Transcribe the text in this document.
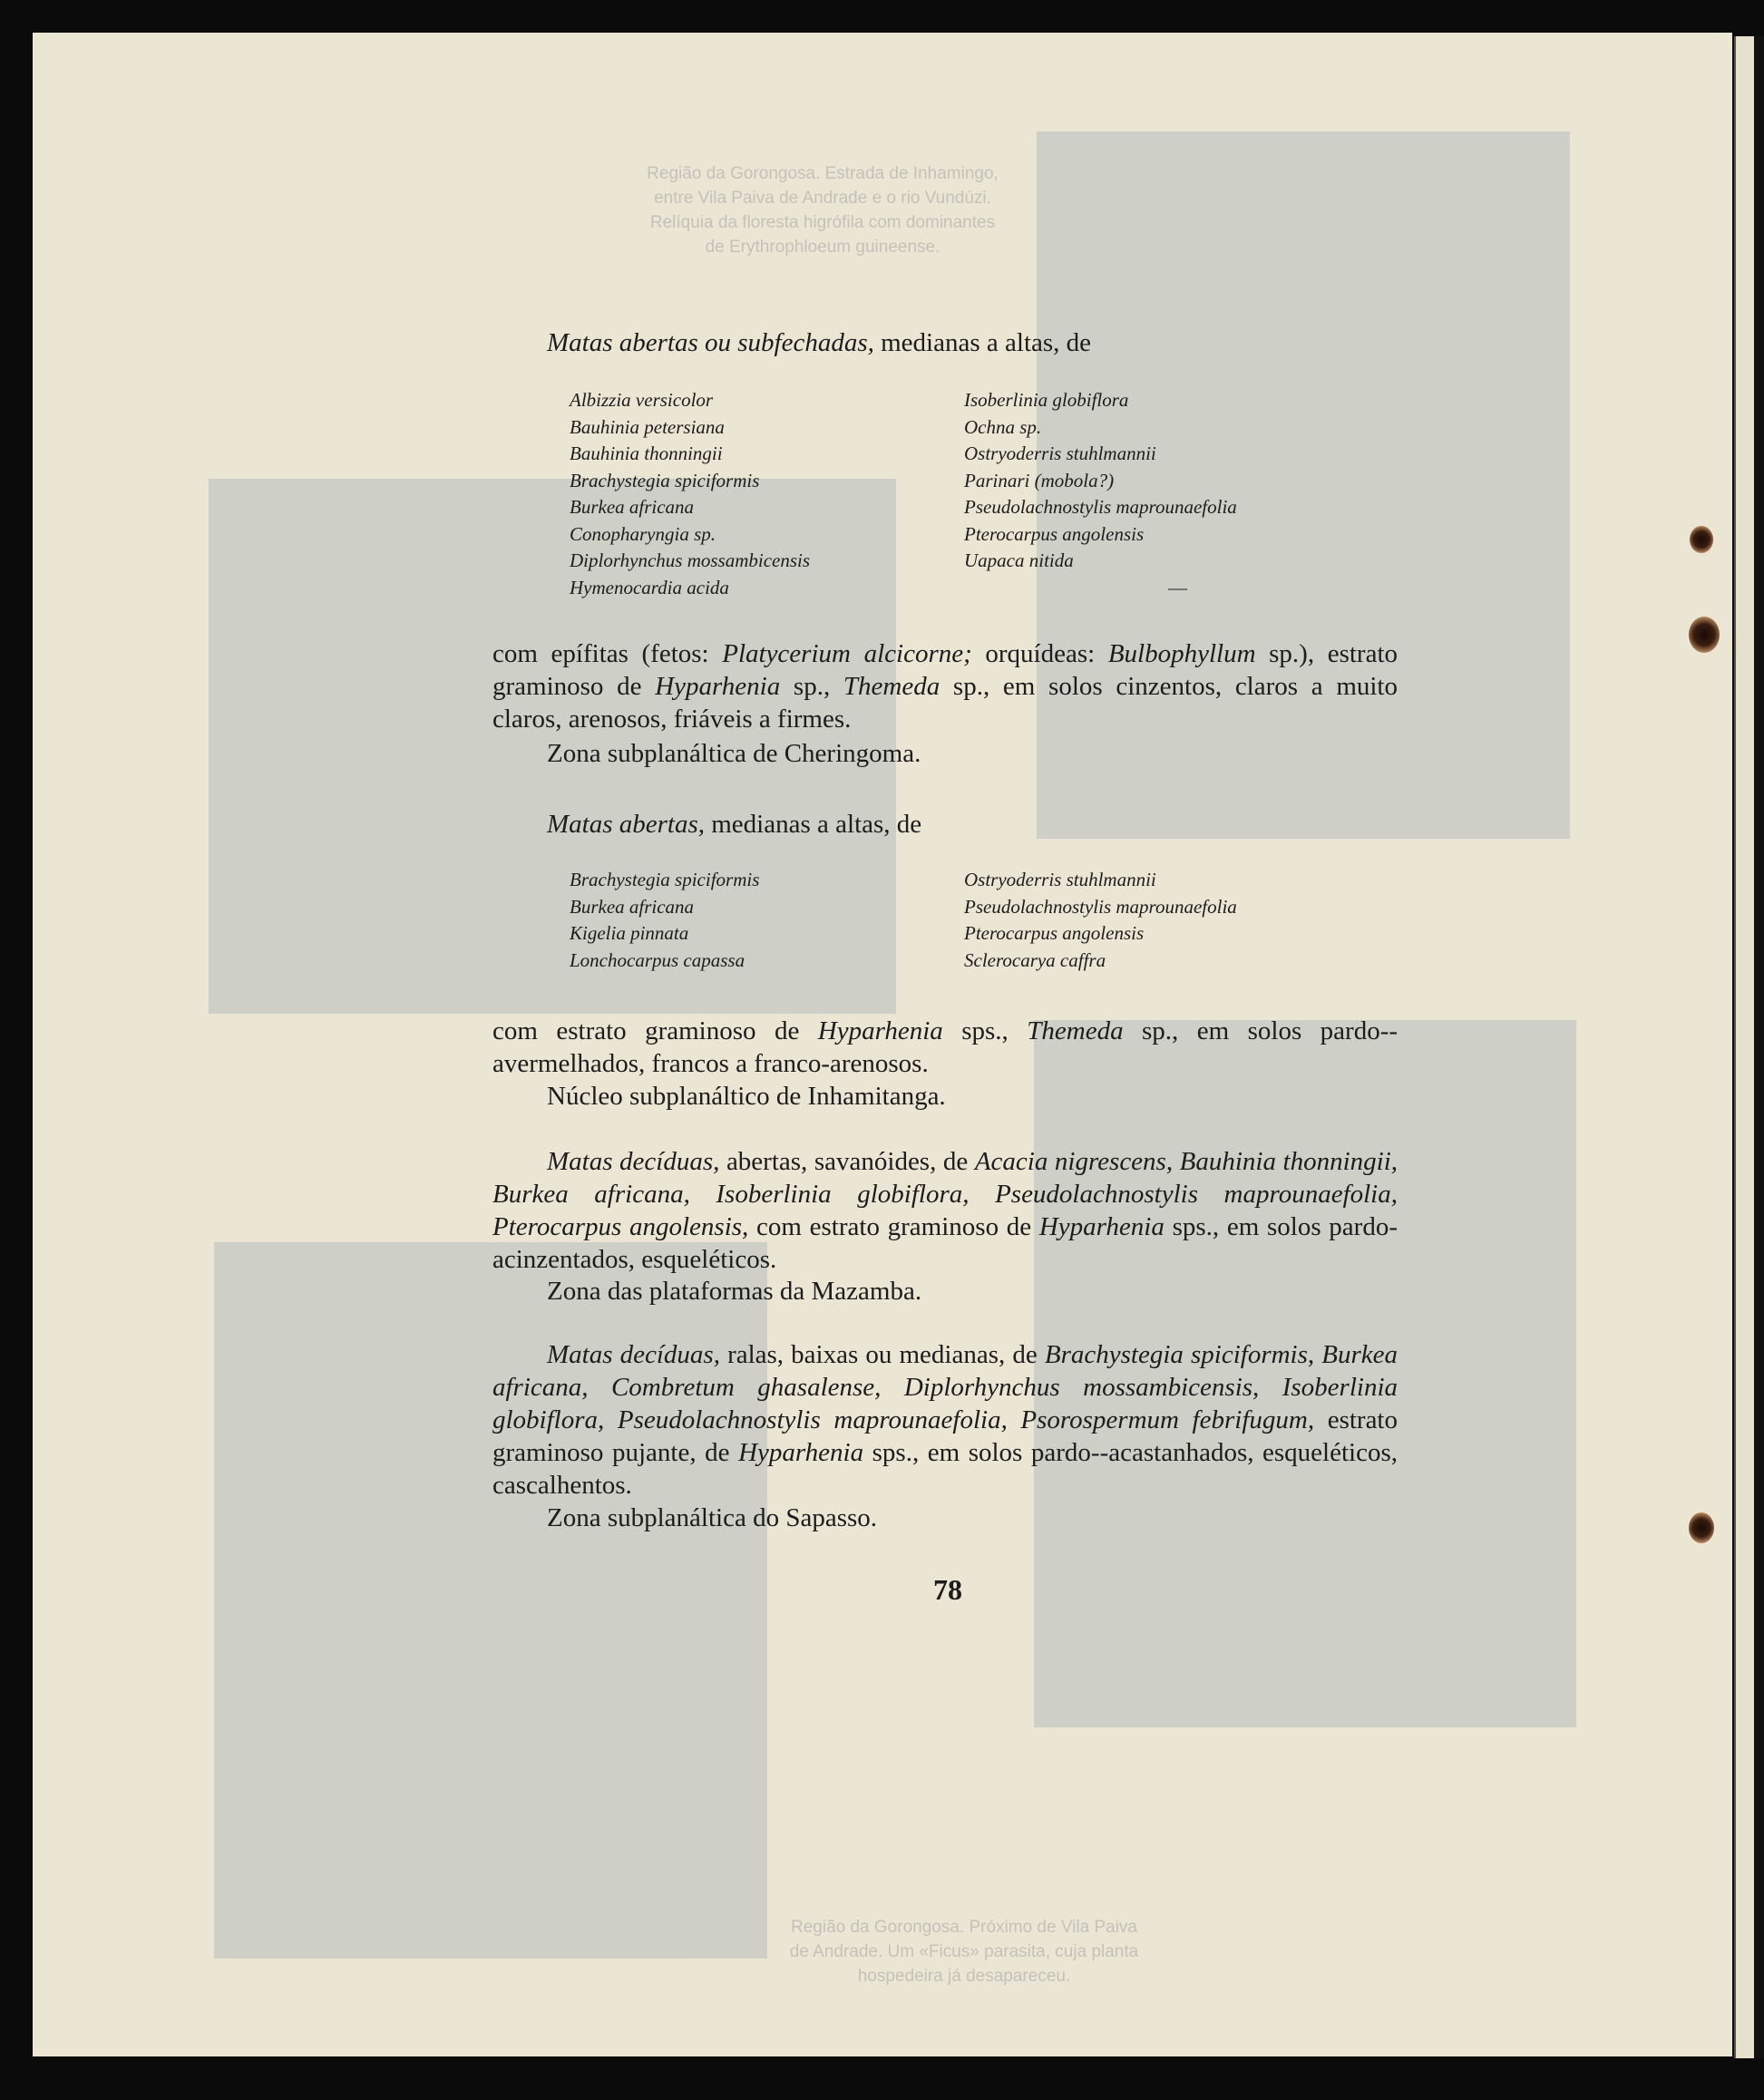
Região da Gorongosa. Estrada de Inhamingo, entre Vila Paiva de Andrade e o rio Vundúzi. Relíquia da floresta higrófila com dominantes de Erythrophloeum guineense.
Região da Gorongosa. Próximo de Vila Paiva de Andrade. Um «Ficus» parasita, cuja planta hospedeira já desapareceu.

Matas abertas ou subfechadas, medianas a altas, de

Albizzia versicolor
Bauhinia petersiana
Bauhinia thonningii
Brachystegia spiciformis
Burkea africana
Conopharyngia sp.
Diplorhynchus mossambicensis
Hymenocardia acida
Isoberlinia globiflora
Ochna sp.
Ostryoderris stuhlmannii
Parinari (mobola?)
Pseudolachnostylis maprounaefolia
Pterocarpus angolensis
Uapaca nitida
—

com epífitas (fetos: Platycerium alcicorne; orquídeas: Bulbophyllum sp.), estrato graminoso de Hyparhenia sp., Themeda sp., em solos cinzentos, claros a muito claros, arenosos, friáveis a firmes.

Zona subplanáltica de Cheringoma.

Matas abertas, medianas a altas, de

Brachystegia spiciformis
Burkea africana
Kigelia pinnata
Lonchocarpus capassa
Ostryoderris stuhlmannii
Pseudolachnostylis maprounaefolia
Pterocarpus angolensis
Sclerocarya caffra

com estrato graminoso de Hyparhenia sps., Themeda sp., em solos pardo--avermelhados, francos a franco-arenosos.

Núcleo subplanáltico de Inhamitanga.

Matas decíduas, abertas, savanóides, de Acacia nigrescens, Bauhinia thonningii, Burkea africana, Isoberlinia globiflora, Pseudolachnostylis maprounaefolia, Pterocarpus angolensis, com estrato graminoso de Hyparhenia sps., em solos pardo-acinzentados, esqueléticos.

Zona das plataformas da Mazamba.

Matas decíduas, ralas, baixas ou medianas, de Brachystegia spiciformis, Burkea africana, Combretum ghasalense, Diplorhynchus mossambicensis, Isoberlinia globiflora, Pseudolachnostylis maprounaefolia, Psorospermum febrifugum, estrato graminoso pujante, de Hyparhenia sps., em solos pardo--acastanhados, esqueléticos, cascalhentos.

Zona subplanáltica do Sapasso.

78
